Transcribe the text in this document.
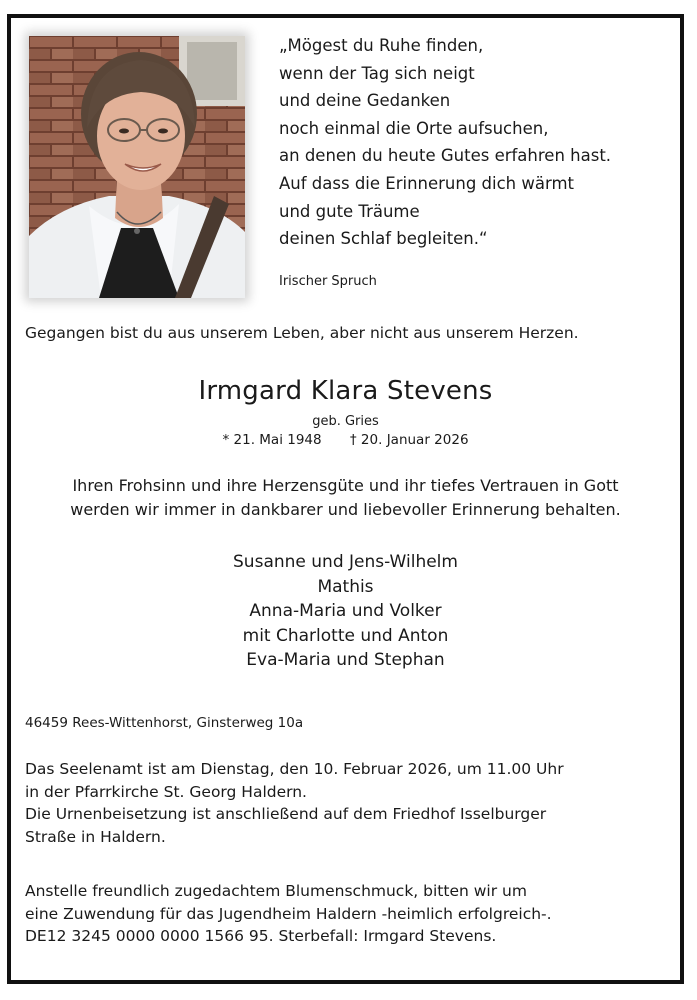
„Mögest du Ruhe finden,
wenn der Tag sich neigt
und deine Gedanken
noch einmal die Orte aufsuchen,
an denen du heute Gutes erfahren hast.
Auf dass die Erinnerung dich wärmt
und gute Träume
deinen Schlaf begleiten.“
Irischer Spruch
Gegangen bist du aus unserem Leben, aber nicht aus unserem Herzen.
Irmgard Klara Stevens
geb. Gries
* 21. Mai 1948 † 20. Januar 2026
Ihren Frohsinn und ihre Herzensgüte und ihr tiefes Vertrauen in Gott
werden wir immer in dankbarer und liebevoller Erinnerung behalten.
Susanne und Jens-Wilhelm
Mathis
Anna-Maria und Volker
mit Charlotte und Anton
Eva-Maria und Stephan
46459 Rees-Wittenhorst, Ginsterweg 10a
Das Seelenamt ist am Dienstag, den 10. Februar 2026, um 11.00 Uhr
in der Pfarrkirche St. Georg Haldern.
Die Urnenbeisetzung ist anschließend auf dem Friedhof Isselburger
Straße in Haldern.
Anstelle freundlich zugedachtem Blumenschmuck, bitten wir um
eine Zuwendung für das Jugendheim Haldern -heimlich erfolgreich-.
DE12 3245 0000 0000 1566 95. Sterbefall: Irmgard Stevens.
